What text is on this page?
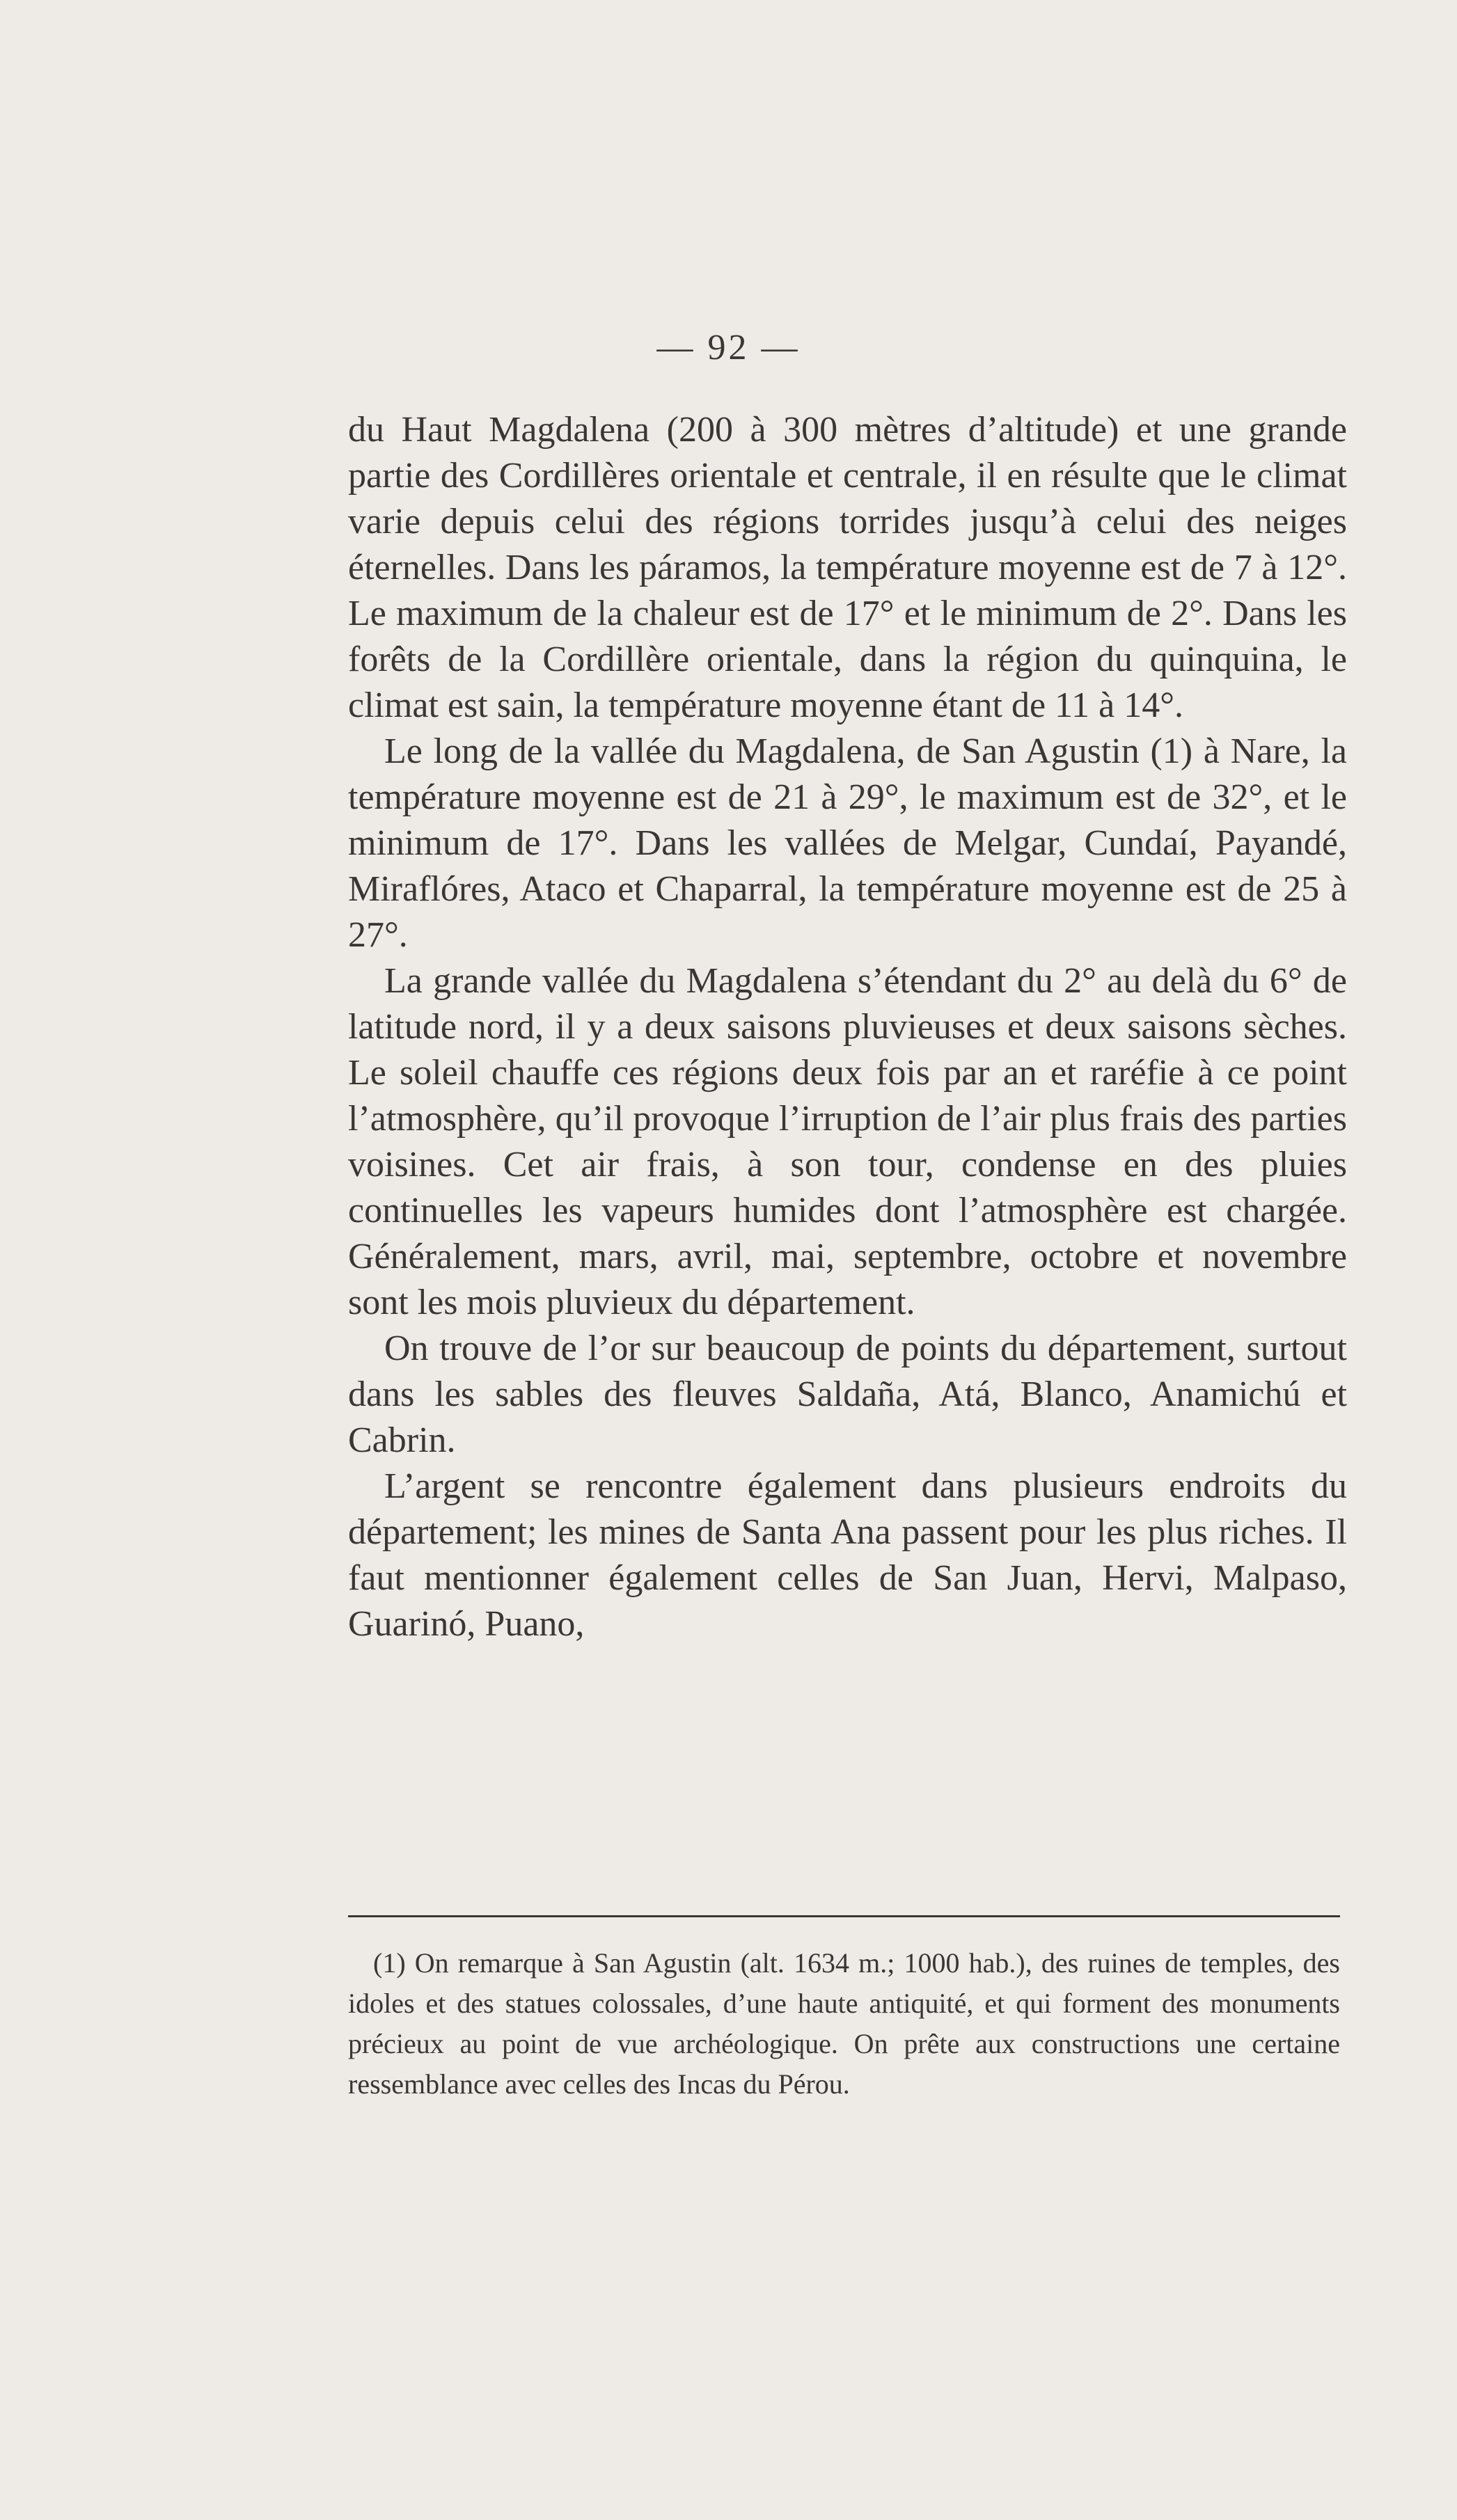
— 92 —

du Haut Magdalena (200 à 300 mètres d’altitude) et une grande partie des Cordillères orientale et centrale, il en résulte que le climat varie depuis celui des régions torrides jusqu’à celui des neiges éternelles. Dans les páramos, la température moyenne est de 7 à 12°. Le maximum de la chaleur est de 17° et le minimum de 2°. Dans les forêts de la Cordillère orientale, dans la région du quinquina, le climat est sain, la température moyenne étant de 11 à 14°.

Le long de la vallée du Magdalena, de San Agustin (1) à Nare, la température moyenne est de 21 à 29°, le maximum est de 32°, et le minimum de 17°. Dans les vallées de Melgar, Cundaí, Payandé, Miraflóres, Ataco et Chaparral, la température moyenne est de 25 à 27°.

La grande vallée du Magdalena s’étendant du 2° au delà du 6° de latitude nord, il y a deux saisons pluvieuses et deux saisons sèches. Le soleil chauffe ces régions deux fois par an et raréfie à ce point l’atmosphère, qu’il provoque l’irruption de l’air plus frais des parties voisines. Cet air frais, à son tour, condense en des pluies continuelles les vapeurs humides dont l’atmosphère est chargée. Généralement, mars, avril, mai, septembre, octobre et novembre sont les mois pluvieux du département.

On trouve de l’or sur beaucoup de points du département, surtout dans les sables des fleuves Saldaña, Atá, Blanco, Anamichú et Cabrin.

L’argent se rencontre également dans plusieurs endroits du département; les mines de Santa Ana passent pour les plus riches. Il faut mentionner également celles de San Juan, Hervi, Malpaso, Guarinó, Puano,

(1) On remarque à San Agustin (alt. 1634 m.; 1000 hab.), des ruines de temples, des idoles et des statues colossales, d’une haute antiquité, et qui forment des monuments précieux au point de vue archéologique. On prête aux constructions une certaine ressemblance avec celles des Incas du Pérou.
